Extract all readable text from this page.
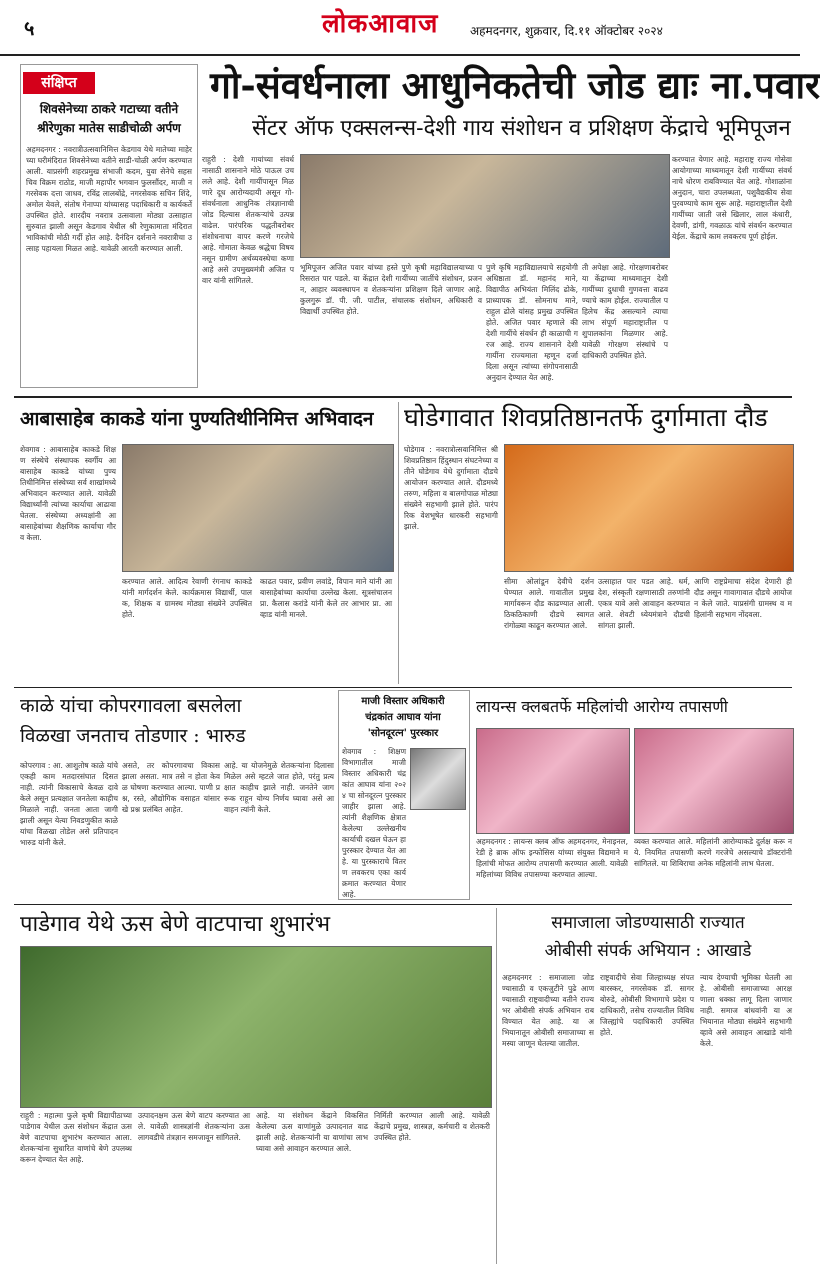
५	लोकआवाज	अहमदनगर, शुक्रवार, दि.११ ऑक्टोबर २०२४
संक्षिप्त
शिवसेनेच्या ठाकरे गटाच्या वतीने श्रीरेणुका मातेस साडीचोळी अर्पण
अहमदनगर : नवरात्रीउत्सवानिमित्त केडगाव येथे मातेच्या माहेरच्या घरीमंदिरात शिवसेनेच्या वतीने साडी-चोळी अर्पण करण्यात आली. याप्रसंगी शहरप्रमुख संभाजी कदम, युवा सेनेचे सहसचिव विक्रम राठोड, माजी महापौर भगवान फुलसौंदर, माजी नगरसेवक दत्ता जाधव, रविंद्र लालबोंद्रे, नगरसेवक सचिन शिंदे, अमोल येवले, संतोष गेनाप्पा यांच्यासह पदाधिकारी व कार्यकर्ते उपस्थित होते. शारदीय नवरात्र उत्सवाला मोठ्या उत्साहात सुरुवात झाली असून केडगाव येथील श्री रेणुकामाता मंदिरात भाविकांची मोठी गर्दी होत आहे. दैनंदिन दर्शनाने नवरात्रीचा उत्साह पहायला मिळत आहे. यावेळी आरती करण्यात आली.
गो-संवर्धनाला आधुनिकतेची जोड द्याः ना.पवार
सेंटर ऑफ एक्सलन्स-देशी गाय संशोधन व प्रशिक्षण केंद्राचे भूमिपूजन
राहुरी : देशी गायांच्या संवर्धनासाठी शासनाने मोठे पाऊल उचलले आहे. देशी गायींपासून मिळणारे दूध आरोग्यदायी असून गो-संवर्धनाला आधुनिक तंत्रज्ञानाची जोड दिल्यास शेतकऱ्यांचे उत्पन्न वाढेल. पारंपरिक पद्धतीबरोबर संशोधनाचा वापर करणे गरजेचे आहे. गोमाता केवळ श्रद्धेचा विषय नसून ग्रामीण अर्थव्यवस्थेचा कणा आहे असे उपमुख्यमंत्री अजित पवार यांनी सांगितले.
भूमिपूजन अजित पवार यांच्या हस्ते पुणे कृषी महाविद्यालयाच्या परिसरात पार पडले. या केंद्रात देशी गायींच्या जातींचे संशोधन, प्रजनन, आहार व्यवस्थापन व शेतकऱ्यांना प्रशिक्षण दिले जाणार आहे. कुलगुरू डॉ. पी. जी. पाटील, संचालक संशोधन, अधिकारी व विद्यार्थी उपस्थित होते.
पुणे कृषि महाविद्यालयाचे सहयोगी अधिष्ठाता डॉ. महानंद माने, विद्यापीठ अभियंता मिलिंद ढोके, प्राध्यापक डॉ. सोमनाथ माने, राहुल ढोले यांसह प्रमुख उपस्थित होते. अजित पवार म्हणाले की देशी गायींचे संवर्धन ही काळाची गरज आहे. राज्य शासनाने देशी गायींना राज्यमाता म्हणून दर्जा दिला असून त्यांच्या संगोपनासाठी अनुदान देण्यात येत आहे.
ती अपेक्षा आहे. गोरक्षणाबरोबर या केंद्राच्या माध्यमातून देशी गायींच्या दुधाची गुणवत्ता वाढवण्याचे काम होईल. राज्यातील पहिलेच केंद्र असल्याने त्याचा लाभ संपूर्ण महाराष्ट्रातील पशुपालकांना मिळणार आहे. यावेळी गोरक्षण संस्थांचे पदाधिकारी उपस्थित होते.
करण्यात येणार आहे. महाराष्ट्र राज्य गोसेवा आयोगाच्या माध्यमातून देशी गायींच्या संवर्धनाचे धोरण राबविण्यात येत आहे. गोशाळांना अनुदान, चारा उपलब्धता, पशुवैद्यकीय सेवा पुरवण्याचे काम सुरू आहे. महाराष्ट्रातील देशी गायींच्या जाती जसे खिलार, लाल कंधारी, देवणी, डांगी, गवळाऊ यांचे संवर्धन करण्यात येईल. केंद्राचे काम लवकरच पूर्ण होईल.
आबासाहेब काकडे यांना पुण्यतिथीनिमित्त अभिवादन
शेवगाव : आबासाहेब काकडे शिक्षण संस्थेचे संस्थापक स्वर्गीय आबासाहेब काकडे यांच्या पुण्यतिथीनिमित्त संस्थेच्या सर्व शाखांमध्ये अभिवादन करण्यात आले. यावेळी विद्यार्थ्यांनी त्यांच्या कार्याचा आढावा घेतला. संस्थेच्या अध्यक्षांनी आबासाहेबांच्या शैक्षणिक कार्याचा गौरव केला.
करण्यात आले. आदित्य रेवाणी रंगनाथ काकडे यांनी मार्गदर्शन केले. कार्यक्रमास विद्यार्थी, पालक, शिक्षक व ग्रामस्थ मोठ्या संख्येने उपस्थित होते.
काढत पवार, प्रवीण लवांडे, विपान माने यांनी आबासाहेबांच्या कार्याचा उल्लेख केला. सूत्रसंचालन प्रा. कैलास करांडे यांनी केले तर आभार प्रा. आव्हाड यांनी मानले.
घोडेगावात शिवप्रतिष्ठानतर्फे दुर्गामाता दौड
घोडेगाव : नवरात्रोत्सवानिमित्त श्री शिवप्रतिष्ठान हिंदुस्थान संघटनेच्या वतीने घोडेगाव येथे दुर्गामाता दौडचे आयोजन करण्यात आले. दौडमध्ये तरुण, महिला व बालगोपाळ मोठ्या संख्येने सहभागी झाले होते. पारंपरिक वेशभूषेत धारकरी सहभागी झाले.
सीमा ओलांडून देवीचे दर्शन घेण्यात आले. गावातील प्रमुख मार्गावरून दौड काढण्यात आली. ठिकठिकाणी दौडचे स्वागत रांगोळ्या काढून करण्यात आले.
उत्साहात पार पडत आहे. धर्म, देश, संस्कृती रक्षणासाठी तरुणांनी एकत्र यावे असे आवाहन करण्यात आले. शेवटी ध्येयमंत्राने दौडची सांगता झाली.
आणि राष्ट्रप्रेमाचा संदेश देणारी ही दौड असून गावागावात दौडचे आयोजन केले जाते. याप्रसंगी ग्रामस्थ व महिलांनी सहभाग नोंदवला.
काळे यांचा कोपरगावला बसलेला
विळखा जनताच तोडणार : भारुड
कोपरगाव : आ. आशुतोष काळे यांचे एकही काम मतदारसंघात दिसत नाही. त्यांनी विकासाचे केवळ दावे केले असून प्रत्यक्षात जनतेला काहीच मिळाले नाही. जनता आता जागी झाली असून येत्या निवडणुकीत काळे यांचा विळखा तोडेल असे प्रतिपादन भारुड यांनी केले.
असते, तर कोपरगावचा विकास झाला असता. मात्र तसे न होता केवळ घोषणा करण्यात आल्या. पाणी प्रश्न, रस्ते, औद्योगिक वसाहत यांसारखे प्रश्न प्रलंबित आहेत.
आहे. या योजनेमुळे शेतकऱ्यांना दिलासा मिळेल असे म्हटले जात होते, परंतु प्रत्यक्षात काहीच झाले नाही. जनतेने जागरूक राहून योग्य निर्णय घ्यावा असे आवाहन त्यांनी केले.
माजी विस्तार अधिकारी
चंद्रकांत आघाव यांना
'सोनदूरत्न' पुरस्कार
शेवगाव : शिक्षण विभागातील माजी विस्तार अधिकारी चंद्रकांत आघाव यांना २०२४ चा सोनदूरत्न पुरस्कार जाहीर झाला आहे. त्यांनी शैक्षणिक क्षेत्रात केलेल्या उल्लेखनीय कार्याची दखल घेऊन हा पुरस्कार देण्यात येत आहे. या पुरस्काराचे वितरण लवकरच एका कार्यक्रमात करण्यात येणार आहे.
लायन्स क्लबतर्फे महिलांची आरोग्य तपासणी
अहमदनगर : लायन्स क्लब ऑफ अहमदनगर, मेनाइनल, रेडी हे ब्राक ऑफ इन्फोसिस यांच्या संयुक्त विद्यमाने महिलांची मोफत आरोग्य तपासणी करण्यात आली. यावेळी महिलांच्या विविध तपासण्या करण्यात आल्या.
व्यक्त करण्यात आले. महिलांनी आरोग्याकडे दुर्लक्ष करू नये. नियमित तपासणी करणे गरजेचे असल्याचे डॉक्टरांनी सांगितले. या शिबिराचा अनेक महिलांनी लाभ घेतला.
पाडेगाव येथे ऊस बेणे वाटपाचा शुभारंभ
राहुरी : महात्मा फुले कृषी विद्यापीठाच्या पाडेगाव येथील ऊस संशोधन केंद्रात ऊस बेणे वाटपाचा शुभारंभ करण्यात आला. शेतकऱ्यांना सुधारित वाणांचे बेणे उपलब्ध करून देण्यात येत आहे.
उत्पादनक्षम ऊस बेणे वाटप करण्यात आले. यावेळी शास्त्रज्ञांनी शेतकऱ्यांना ऊस लागवडीचे तंत्रज्ञान समजावून सांगितले.
आहे. या संशोधन केंद्राने विकसित केलेल्या ऊस वाणांमुळे उत्पादनात वाढ झाली आहे. शेतकऱ्यांनी या वाणांचा लाभ घ्यावा असे आवाहन करण्यात आले.
निर्मिती करण्यात आली आहे. यावेळी केंद्राचे प्रमुख, शास्त्रज्ञ, कर्मचारी व शेतकरी उपस्थित होते.
समाजाला जोडण्यासाठी राज्यात
ओबीसी संपर्क अभियान : आखाडे
अहमदनगर : समाजाला जोडण्यासाठी व एकजुटीने पुढे आणण्यासाठी राष्ट्रवादीच्या वतीने राज्यभर ओबीसी संपर्क अभियान राबविण्यात येत आहे. या अभियानातून ओबीसी समाजाच्या समस्या जाणून घेतल्या जातील.
राष्ट्रवादीचे सेवा जिल्हाध्यक्ष संपत बारस्कर, नगरसेवक डॉ. सागर बोरुडे, ओबीसी विभागाचे प्रदेश पदाधिकारी, तसेच राज्यातील विविध जिल्ह्यांचे पदाधिकारी उपस्थित होते.
न्याय देण्याची भूमिका घेतली आहे. ओबीसी समाजाच्या आरक्षणाला धक्का लागू दिला जाणार नाही. समाज बांधवांनी या अभियानात मोठ्या संख्येने सहभागी व्हावे असे आवाहन आखाडे यांनी केले.
